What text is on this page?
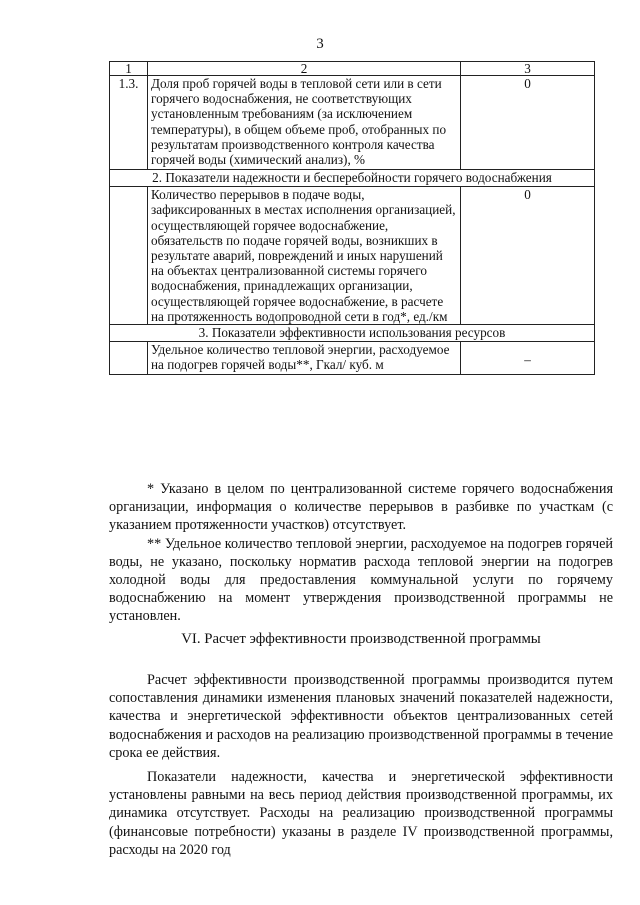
3
1	2	3
1.3.	Доля проб горячей воды в тепловой сети или в сети горячего водоснабжения, не соответствующих установленным требованиям (за исключением температуры), в общем объеме проб, отобранных по результатам производственного контроля качества горячей воды (химический анализ), %	0
2. Показатели надежности и бесперебойности горячего водоснабжения		
	Количество перерывов в подаче воды, зафиксированных в местах исполнения организацией, осуществляющей горячее водоснабжение, обязательств по подаче горячей воды, возникших в результате аварий, повреждений и иных нарушений на объектах централизованной системы горячего водоснабжения, принадлежащих организации, осуществляющей горячее водоснабжение, в расчете на протяженность водопроводной сети в год*, ед./км	0
3. Показатели эффективности использования ресурсов		
	Удельное количество тепловой энергии, расходуемое на подогрев горячей воды**, Гкал/ куб. м	–

* Указано в целом по централизованной системе горячего водоснабжения организации, информация о количестве перерывов в разбивке по участкам (с указанием протяженности участков) отсутствует.

** Удельное количество тепловой энергии, расходуемое на подогрев горячей воды, не указано, поскольку норматив расхода тепловой энергии на подогрев холодной воды для предоставления коммунальной услуги по горячему водоснабжению на момент утверждения производственной программы не установлен.

VI. Расчет эффективности производственной программы

Расчет эффективности производственной программы производится путем сопоставления динамики изменения плановых значений показателей надежности, качества и энергетической эффективности объектов централизованных сетей водоснабжения и расходов на реализацию производственной программы в течение срока ее действия.

Показатели надежности, качества и энергетической эффективности установлены равными на весь период действия производственной программы, их динамика отсутствует. Расходы на реализацию производственной программы (финансовые потребности) указаны в разделе IV производственной программы, расходы на 2020 год
